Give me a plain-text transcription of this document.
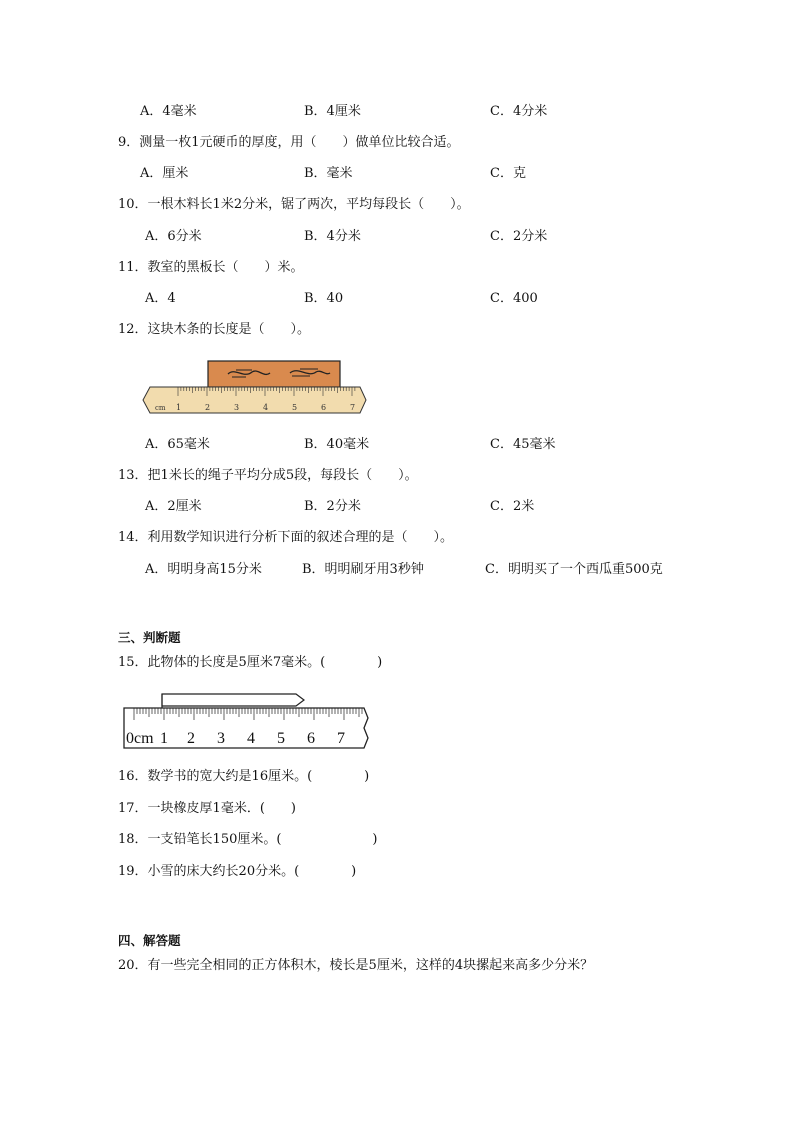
A．4毫米	B．4厘米	C．4分米
9．测量一枚1元硬币的厚度，用（　　）做单位比较合适。
A．厘米	B．毫米	C．克
10．一根木料长1米2分米，锯了两次，平均每段长（　　）。
A．6分米	B．4分米	C．2分米
11．教室的黑板长（　　）米。
A．4	B．40	C．400
12．这块木条的长度是（　　）。
cm 1	2	3	4	5	6	7
A．65毫米	B．40毫米	C．45毫米
13．把1米长的绳子平均分成5段，每段长（　　）。
A．2厘米	B．2分米	C．2米
14．利用数学知识进行分析下面的叙述合理的是（　　）。
A．明明身高15分米	B．明明刷牙用3秒钟	C．明明买了一个西瓜重500克
三、判断题
15．此物体的长度是5厘米7毫米。(　　　　)
0cm 1 2 3 4 5 6 7
16．数学书的宽大约是16厘米。(　　　　)
17．一块橡皮厚1毫米．(　　)
18．一支铅笔长150厘米。(　　　　　　　)
19．小雪的床大约长20分米。(　　　　)
四、解答题
20．有一些完全相同的正方体积木，棱长是5厘米，这样的4块摞起来高多少分米？
